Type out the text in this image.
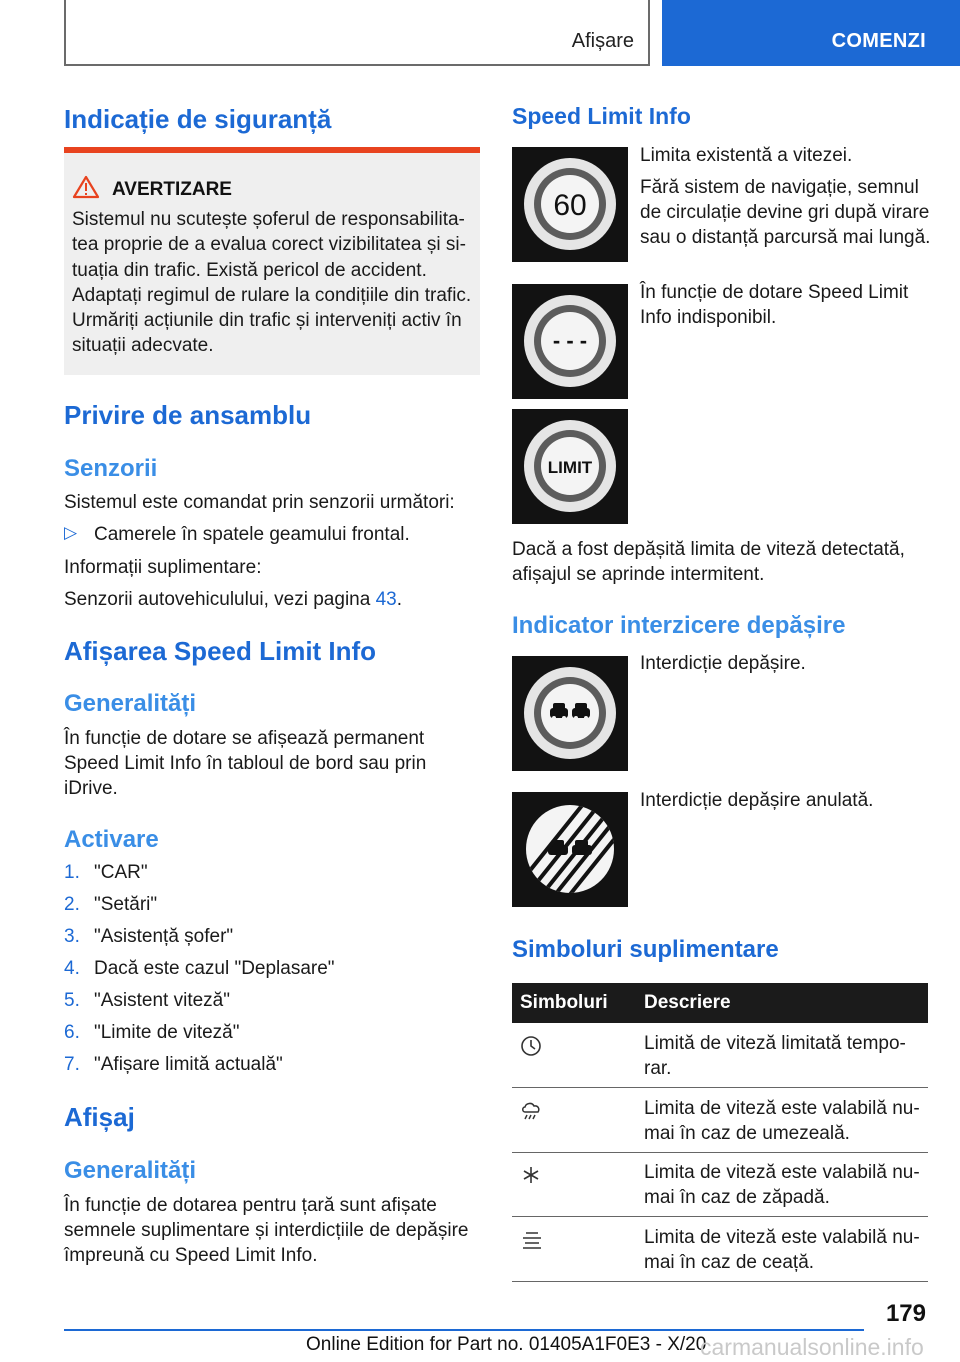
Afișare	COMENZI
Indicație de siguranță
AVERTIZARE
Sistemul nu scutește șoferul de responsabilita-
tea proprie de a evalua corect vizibilitatea și si-
tuația din trafic. Există pericol de accident.
Adaptați regimul de rulare la condițiile din trafic.
Urmăriți acțiunile din trafic și interveniți activ în
situații adecvate.
Privire de ansamblu
Senzorii
Sistemul este comandat prin senzorii următori:
▷ Camerele în spatele geamului frontal.
Informații suplimentare:
Senzorii autovehiculului, vezi pagina 43.
Afișarea Speed Limit Info
Generalități
În funcție de dotare se afișează permanent
Speed Limit Info în tabloul de bord sau prin
iDrive.
Activare
1. "CAR"
2. "Setări"
3. "Asistență șofer"
4. Dacă este cazul "Deplasare"
5. "Asistent viteză"
6. "Limite de viteză"
7. "Afișare limită actuală"
Afișaj
Generalități
În funcție de dotarea pentru țară sunt afișate
semnele suplimentare și interdicțiile de depășire
împreună cu Speed Limit Info.
Speed Limit Info
60
Limita existentă a vitezei.
Fără sistem de navigație, semnul
de circulație devine gri după virare
sau o distanță parcursă mai lungă.
- - -
În funcție de dotare Speed Limit
Info indisponibil.
LIMIT
Dacă a fost depășită limita de viteză detectată,
afișajul se aprinde intermitent.
Indicator interzicere depășire
Interdicție depășire.
Interdicție depășire anulată.
Simboluri suplimentare
Simboluri Descriere
Limită de viteză limitată tempo-
rar.
Limita de viteză este valabilă nu-
mai în caz de umezeală.
Limita de viteză este valabilă nu-
mai în caz de zăpadă.
Limita de viteză este valabilă nu-
mai în caz de ceață.
179
Online Edition for Part no. 01405A1F0E3 - X/20
carmanualsonline.info
